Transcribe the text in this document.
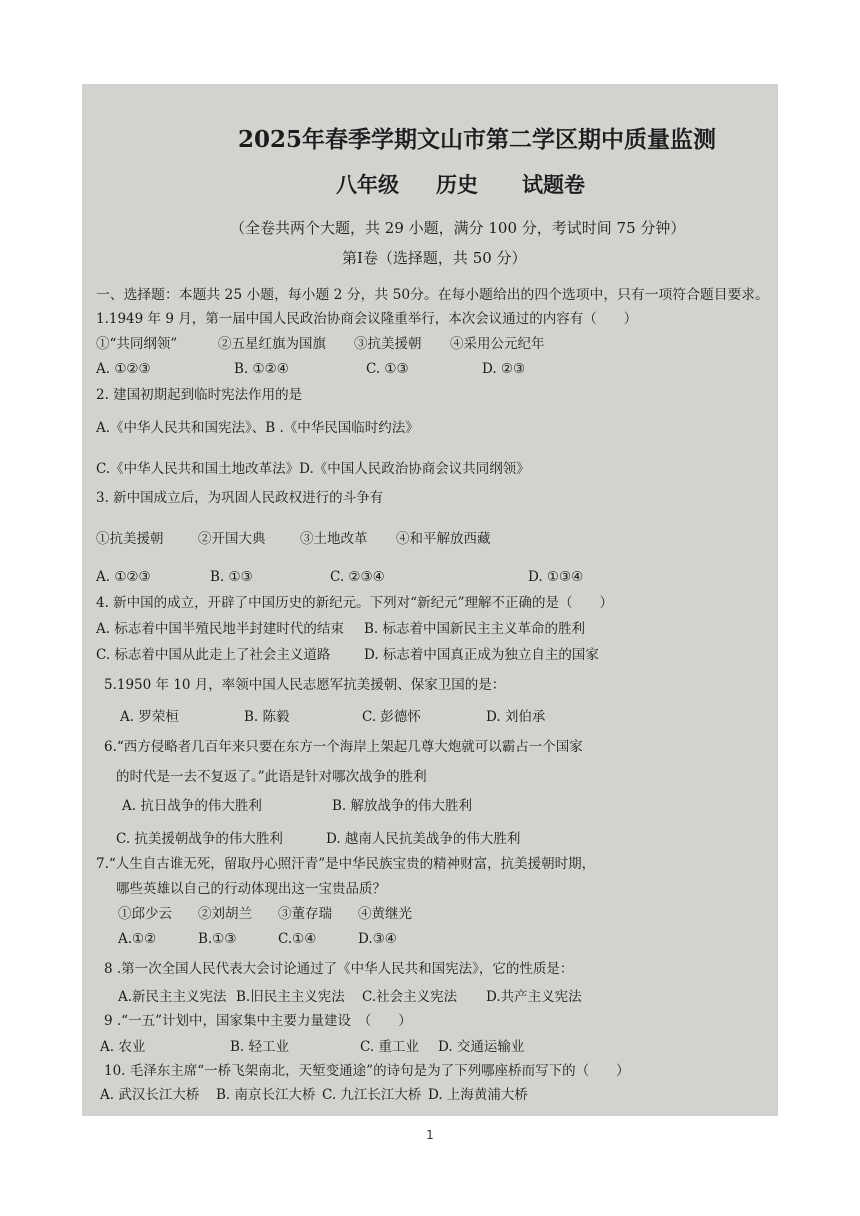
2025年春季学期文山市第二学区期中质量监测
八年级 历史 试题卷
（全卷共两个大题，共 29 小题，满分 100 分，考试时间 75 分钟）
第Ⅰ卷（选择题，共 50 分）
一、选择题：本题共 25 小题，每小题 2 分，共 50分。在每小题给出的四个选项中，只有一项符合题目要求。
1.1949 年 9 月，第一届中国人民政治协商会议隆重举行，本次会议通过的内容有（　　）
①“共同纲领”	②五星红旗为国旗 ③抗美援朝 ④采用公元纪年
A. ①②③	B. ①②④	C. ①③	D. ②③
2. 建国初期起到临时宪法作用的是
A.《中华人民共和国宪法》、B .《中华民国临时约法》
C.《中华人民共和国土地改革法》D.《中国人民政治协商会议共同纲领》
3. 新中国成立后，为巩固人民政权进行的斗争有
①抗美援朝	②开国大典	③土地改革 ④和平解放西藏
A. ①②③	B. ①③	C. ②③④	D. ①③④
4. 新中国的成立，开辟了中国历史的新纪元。下列对“新纪元”理解不正确的是（　　）
A. 标志着中国半殖民地半封建时代的结束 B. 标志着中国新民主主义革命的胜利
C. 标志着中国从此走上了社会主义道路 D. 标志着中国真正成为独立自主的国家
5.1950 年 10 月，率领中国人民志愿军抗美援朝、保家卫国的是：
A. 罗荣桓	B. 陈毅	C. 彭德怀	D. 刘伯承
6.“西方侵略者几百年来只要在东方一个海岸上架起几尊大炮就可以霸占一个国家
的时代是一去不复返了。”此语是针对哪次战争的胜利
A. 抗日战争的伟大胜利	B. 解放战争的伟大胜利
C. 抗美援朝战争的伟大胜利	D. 越南人民抗美战争的伟大胜利
7.“人生自古谁无死，留取丹心照汗青”是中华民族宝贵的精神财富，抗美援朝时期，
哪些英雄以自己的行动体现出这一宝贵品质？
①邱少云 ②刘胡兰 ③董存瑞 ④黄继光
A.①②	B.①③	C.①④	D.③④
8 .第一次全国人民代表大会讨论通过了《中华人民共和国宪法》，它的性质是：
A.新民主主义宪法 B.旧民主主义宪法 C.社会主义宪法 D.共产主义宪法
9 .“一五”计划中，国家集中主要力量建设　（　　）
A. 农业	B. 轻工业	C. 重工业 D. 交通运输业
10. 毛泽东主席“一桥飞架南北，天堑变通途”的诗句是为了下列哪座桥而写下的（　　）
A. 武汉长江大桥 B. 南京长江大桥 C. 九江长江大桥 D. 上海黄浦大桥
1
